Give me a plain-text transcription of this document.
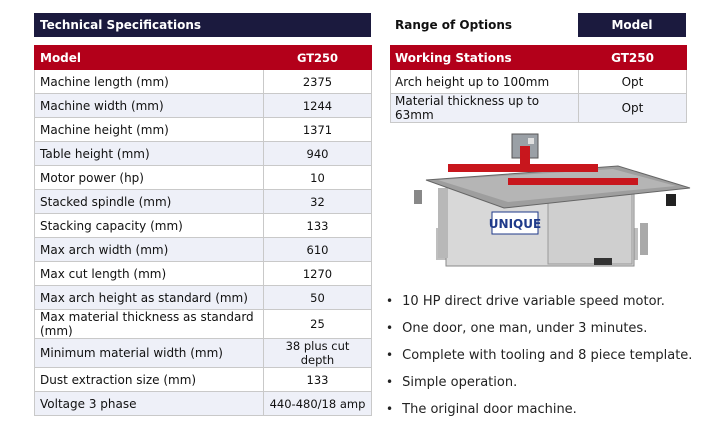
Technical Specifications
Model	GT250
Machine length (mm)	2375
Machine width (mm)	1244
Machine height (mm)	1371
Table height (mm)	940
Motor power (hp)	10
Stacked spindle (mm)	32
Stacking capacity (mm)	133
Max arch width (mm)	610
Max cut length (mm)	1270
Max arch height as standard (mm)	50
Max material thickness as standard (mm)	25
Minimum material width (mm)	38 plus cut depth
Dust extraction size (mm)	133
Voltage 3 phase	440-480/18 amp
Range of Options	Model
Working Stations	GT250
Arch height up to 100mm	Opt
Material thickness up to 63mm	Opt
UNIQUE
• 10 HP direct drive variable speed motor.
• One door, one man, under 3 minutes.
• Complete with tooling and 8 piece template.
• Simple operation.
• The original door machine.
